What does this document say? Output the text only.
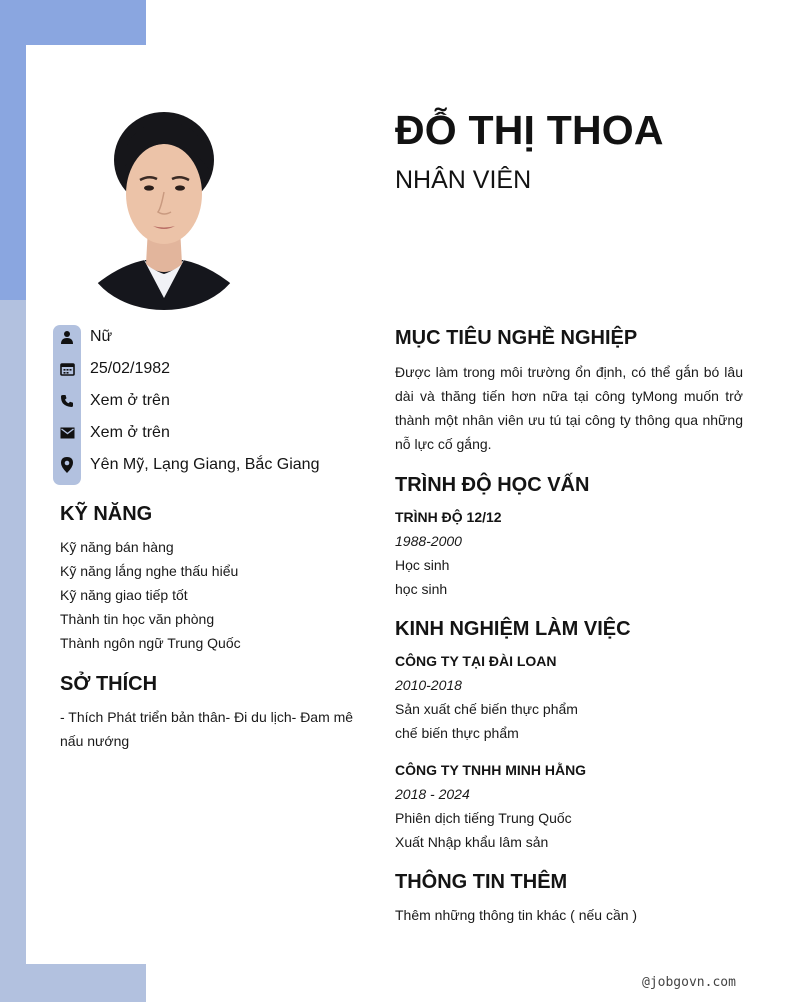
ĐỖ THỊ THOA
NHÂN VIÊN
Nữ
25/02/1982
Xem ở trên
Xem ở trên
Yên Mỹ, Lạng Giang, Bắc Giang
KỸ NĂNG
Kỹ năng bán hàng
Kỹ năng lắng nghe thấu hiểu
Kỹ năng giao tiếp tốt
Thành tin học văn phòng
Thành ngôn ngữ Trung Quốc
SỞ THÍCH
- Thích Phát triển bản thân- Đi du lịch- Đam mê nấu nướng
MỤC TIÊU NGHỀ NGHIỆP
Được làm trong môi trường ổn định, có thể gắn bó lâu dài và thăng tiến hơn nữa tại công tyMong muốn trở thành một nhân viên ưu tú tại công ty thông qua những nỗ lực cố gắng.
TRÌNH ĐỘ HỌC VẤN
TRÌNH ĐỘ 12/12
1988-2000
Học sinh
học sinh
KINH NGHIỆM LÀM VIỆC
CÔNG TY TẠI ĐÀI LOAN
2010-2018
Sản xuất chế biến thực phẩm
chế biến thực phẩm
CÔNG TY TNHH MINH HẰNG
2018 - 2024
Phiên dịch tiếng Trung Quốc
Xuất Nhập khẩu lâm sản
THÔNG TIN THÊM
Thêm những thông tin khác ( nếu cần )
@jobgovn.com
